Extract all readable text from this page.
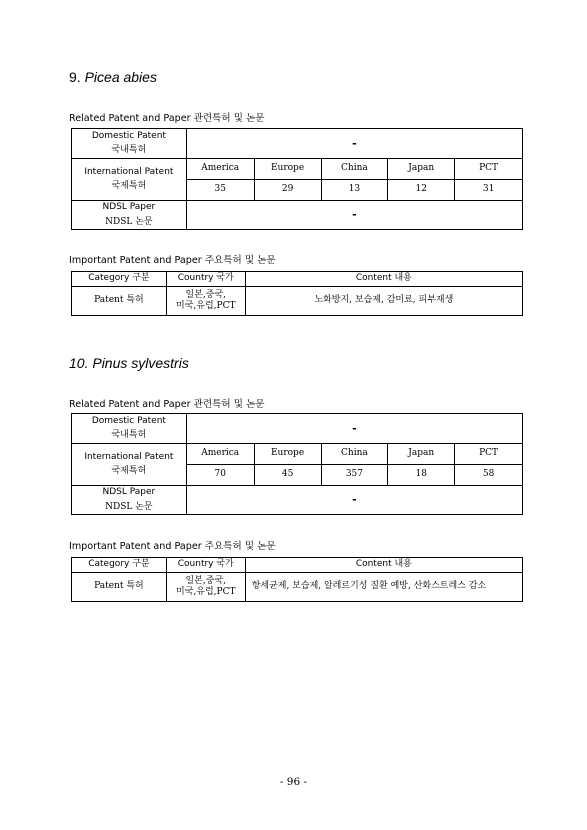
9. Picea abies
Related Patent and Paper 관련특허 및 논문
Domestic Patent
국내특허	-				

International Patent
국제특허	America	Europe	China	Japan	PCT
	35	29	13	12	31

NDSL Paper
NDSL 논문	-				
Important Patent and Paper 주요특허 및 논문
Category 구분	Country 국가	Content 내용
Patent 특허	일본,중국,
미국,유럽,PCT	노화방지, 보습제, 감미료, 피부재생
10. Pinus sylvestris
Related Patent and Paper 관련특허 및 논문
Domestic Patent
국내특허	-				

International Patent
국제특허	America	Europe	China	Japan	PCT
	70	45	357	18	58

NDSL Paper
NDSL 논문	-				
Important Patent and Paper 주요특허 및 논문
Category 구분	Country 국가	Content 내용
Patent 특허	일본,중국,
미국,유럽,PCT	항세균제, 보습제, 알레르기성 질환 예방, 산화스트레스 감소
- 96 -
